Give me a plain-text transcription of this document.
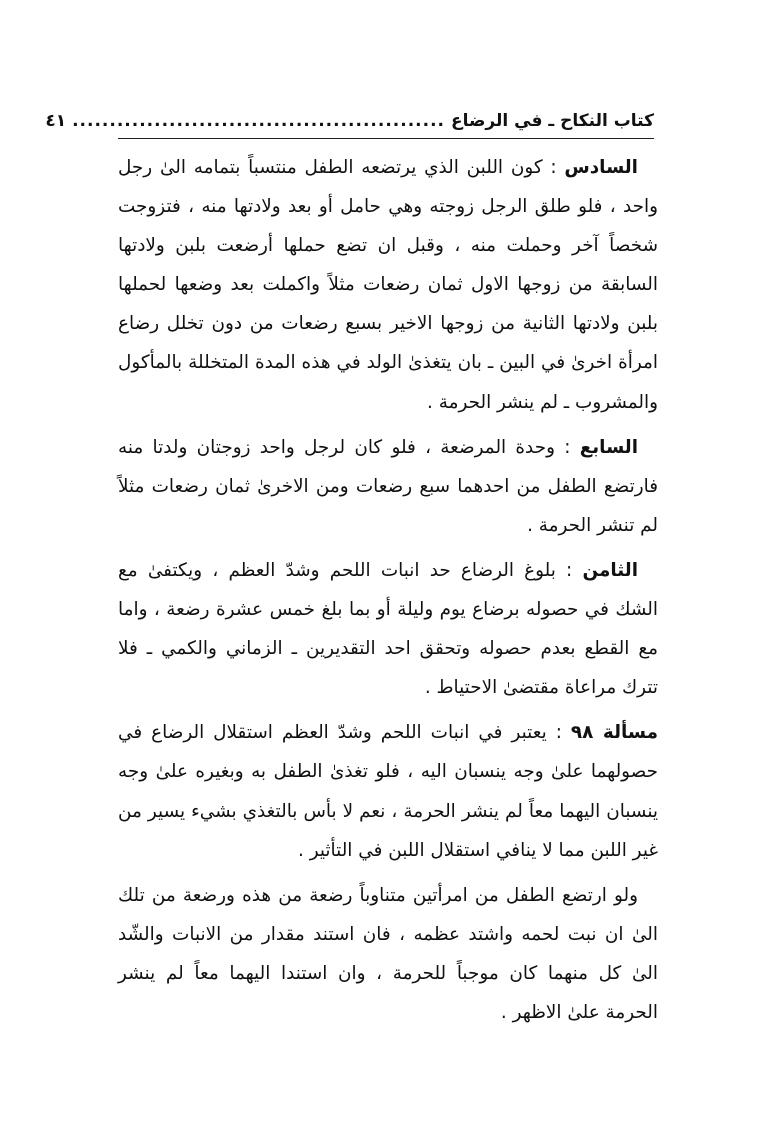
كتاب النكاح ـ في الرضاع
..................................................
٤١

السادس : كون اللبن الذي يرتضعه الطفل منتسباً بتمامه الىٰ رجل واحد ، فلو طلق الرجل زوجته وهي حامل أو بعد ولادتها منه ، فتزوجت شخصاً آخر وحملت منه ، وقبل ان تضع حملها أرضعت بلبن ولادتها السابقة من زوجها الاول ثمان رضعات مثلاً واكملت بعد وضعها لحملها بلبن ولادتها الثانية من زوجها الاخير بسبع رضعات من دون تخلل رضاع امرأة اخرىٰ في البين ـ بان يتغذىٰ الولد في هذه المدة المتخللة بالمأكول والمشروب ـ لم ينشر الحرمة .

السابع : وحدة المرضعة ، فلو كان لرجل واحد زوجتان ولدتا منه فارتضع الطفل من احدهما سبع رضعات ومن الاخرىٰ ثمان رضعات مثلاً لم تنشر الحرمة .

الثامن : بلوغ الرضاع حد انبات اللحم وشدّ العظم ، ويكتفىٰ مع الشك في حصوله برضاع يوم وليلة أو بما بلغ خمس عشرة رضعة ، واما مع القطع بعدم حصوله وتحقق احد التقديرين ـ الزماني والكمي ـ فلا تترك مراعاة مقتضىٰ الاحتياط .

مسألة ٩٨ : يعتبر في انبات اللحم وشدّ العظم استقلال الرضاع في حصولهما علىٰ وجه ينسبان اليه ، فلو تغذىٰ الطفل به وبغيره علىٰ وجه ينسبان اليهما معاً لم ينشر الحرمة ، نعم لا بأس بالتغذي بشيء يسير من غير اللبن مما لا ينافي استقلال اللبن في التأثير .

ولو ارتضع الطفل من امرأتين متناوباً رضعة من هذه ورضعة من تلك الىٰ ان نبت لحمه واشتد عظمه ، فان استند مقدار من الانبات والشّد الىٰ كل منهما كان موجباً للحرمة ، وان استندا اليهما معاً لم ينشر الحرمة علىٰ الاظهر .
